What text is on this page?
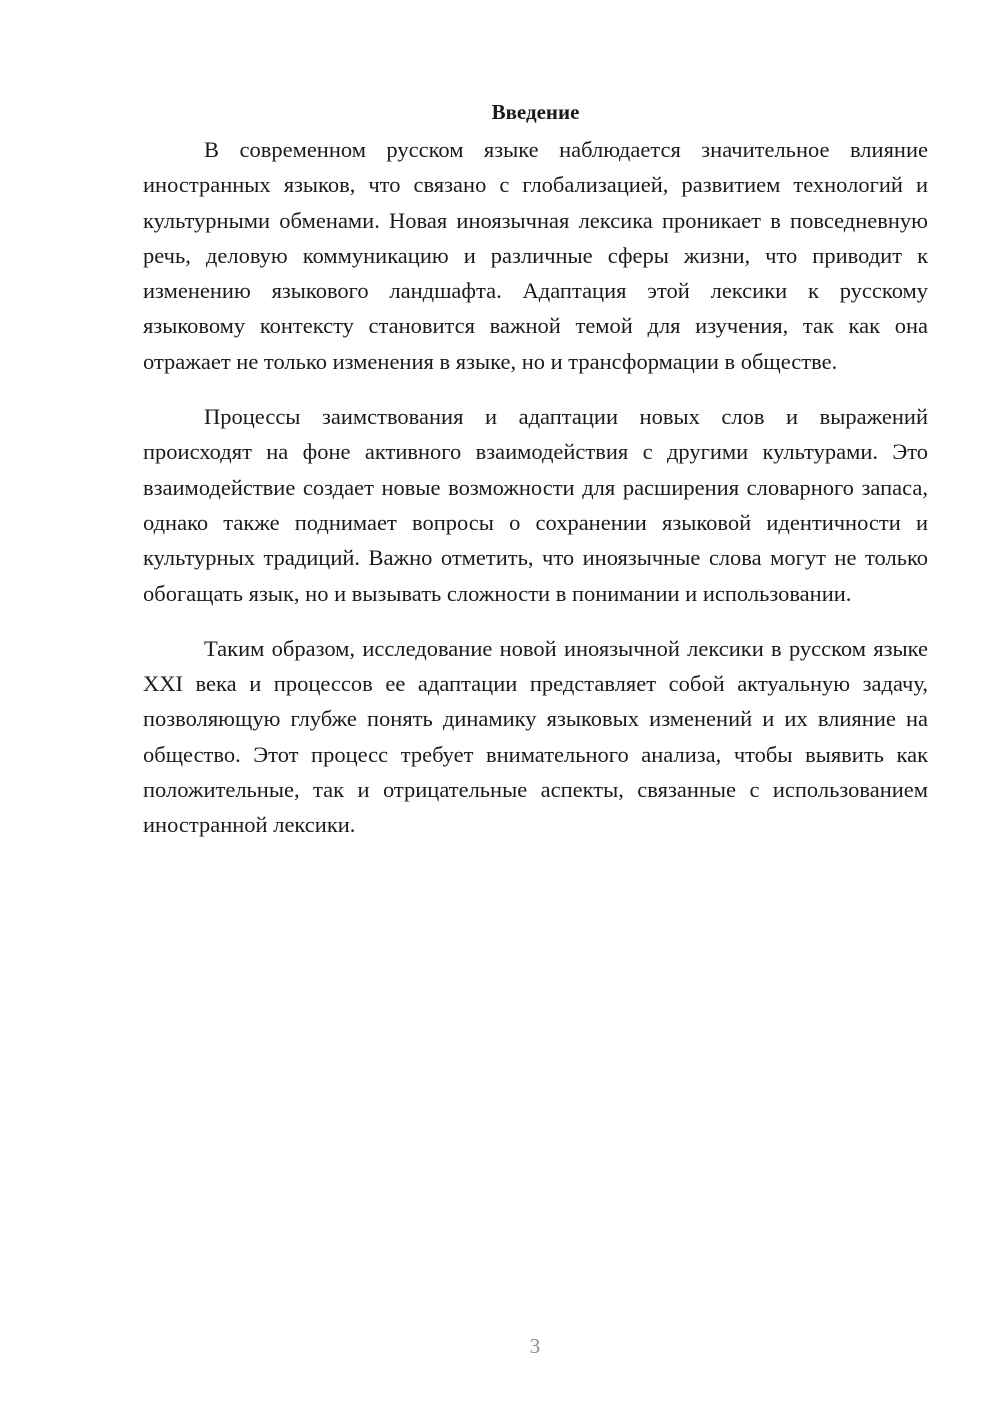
Введение

В современном русском языке наблюдается значительное влияние иностранных языков, что связано с глобализацией, развитием технологий и культурными обменами. Новая иноязычная лексика проникает в повседневную речь, деловую коммуникацию и различные сферы жизни, что приводит к изменению языкового ландшафта. Адаптация этой лексики к русскому языковому контексту становится важной темой для изучения, так как она отражает не только изменения в языке, но и трансформации в обществе.

Процессы заимствования и адаптации новых слов и выражений происходят на фоне активного взаимодействия с другими культурами. Это взаимодействие создает новые возможности для расширения словарного запаса, однако также поднимает вопросы о сохранении языковой идентичности и культурных традиций. Важно отметить, что иноязычные слова могут не только обогащать язык, но и вызывать сложности в понимании и использовании.

Таким образом, исследование новой иноязычной лексики в русском языке XXI века и процессов ее адаптации представляет собой актуальную задачу, позволяющую глубже понять динамику языковых изменений и их влияние на общество. Этот процесс требует внимательного анализа, чтобы выявить как положительные, так и отрицательные аспекты, связанные с использованием иностранной лексики.

3
